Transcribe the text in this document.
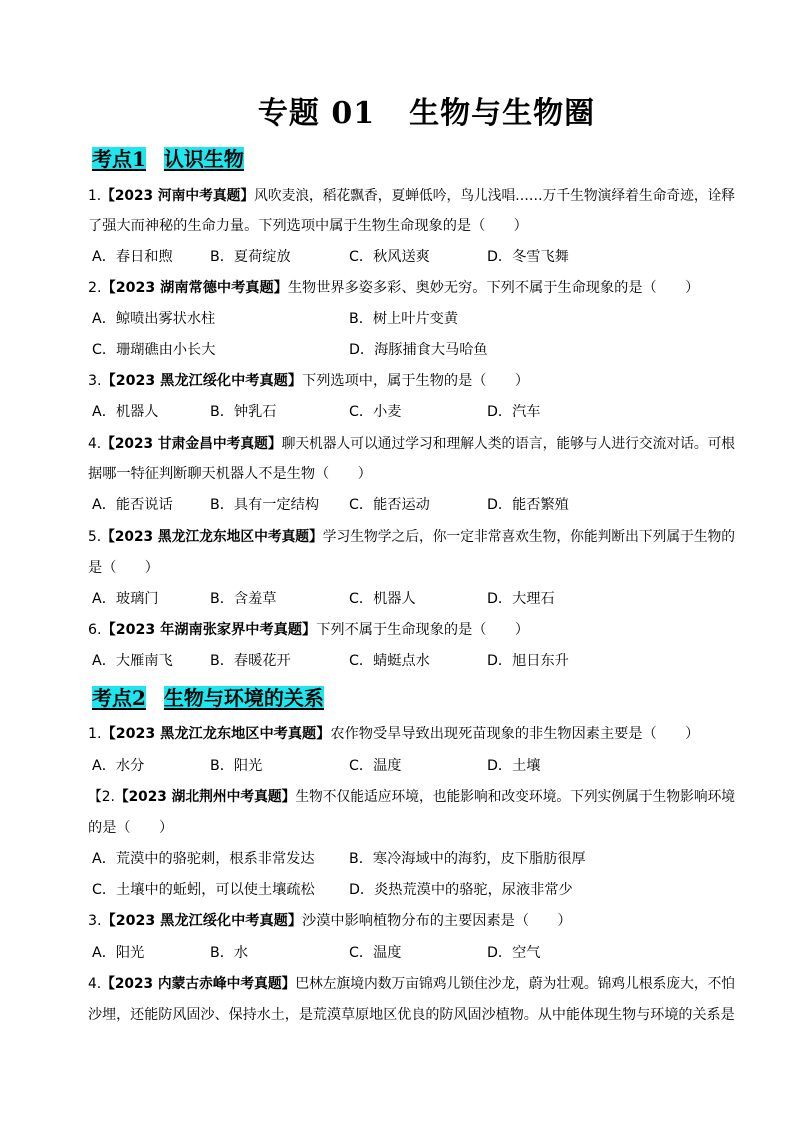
专题 01 生物与生物圈
考点1 认识生物
1.【2023 河南中考真题】风吹麦浪，稻花飘香，夏蝉低吟，鸟儿浅唱……万千生物演绎着生命奇迹，诠释
了强大而神秘的生命力量。下列选项中属于生物生命现象的是（　　）
A．春日和煦	B．夏荷绽放	C．秋风送爽	D．冬雪飞舞
2.【2023 湖南常德中考真题】生物世界多姿多彩、奥妙无穷。下列不属于生命现象的是（　　）
A．鲸喷出雾状水柱	B．树上叶片变黄
C．珊瑚礁由小长大	D．海豚捕食大马哈鱼
3.【2023 黑龙江绥化中考真题】下列选项中，属于生物的是（　　）
A．机器人	B．钟乳石	C．小麦	D．汽车
4.【2023 甘肃金昌中考真题】聊天机器人可以通过学习和理解人类的语言，能够与人进行交流对话。可根
据哪一特征判断聊天机器人不是生物（　　）
A．能否说话	B．具有一定结构 C．能否运动	D．能否繁殖
5.【2023 黑龙江龙东地区中考真题】学习生物学之后，你一定非常喜欢生物，你能判断出下列属于生物的
是（　　）
A．玻璃门	B．含羞草	C．机器人	D．大理石
6.【2023 年湖南张家界中考真题】下列不属于生命现象的是（　　）
A．大雁南飞	B．春暖花开	C．蜻蜓点水	D．旭日东升
考点2 生物与环境的关系
1.【2023 黑龙江龙东地区中考真题】农作物受旱导致出现死苗现象的非生物因素主要是（　　）
A．水分	B．阳光	C．温度	D．土壤
【2.【2023 湖北荆州中考真题】生物不仅能适应环境，也能影响和改变环境。下列实例属于生物影响环境
的是（　　）
A．荒漠中的骆驼刺，根系非常发达 B．寒冷海域中的海豹，皮下脂肪很厚
C．土壤中的蚯蚓，可以使土壤疏松 D．炎热荒漠中的骆驼，尿液非常少
3.【2023 黑龙江绥化中考真题】沙漠中影响植物分布的主要因素是（　　）
A．阳光	B．水	C．温度	D．空气
4.【2023 内蒙古赤峰中考真题】巴林左旗境内数万亩锦鸡儿锁住沙龙，蔚为壮观。锦鸡儿根系庞大，不怕
沙埋，还能防风固沙、保持水土，是荒漠草原地区优良的防风固沙植物。从中能体现生物与环境的关系是
